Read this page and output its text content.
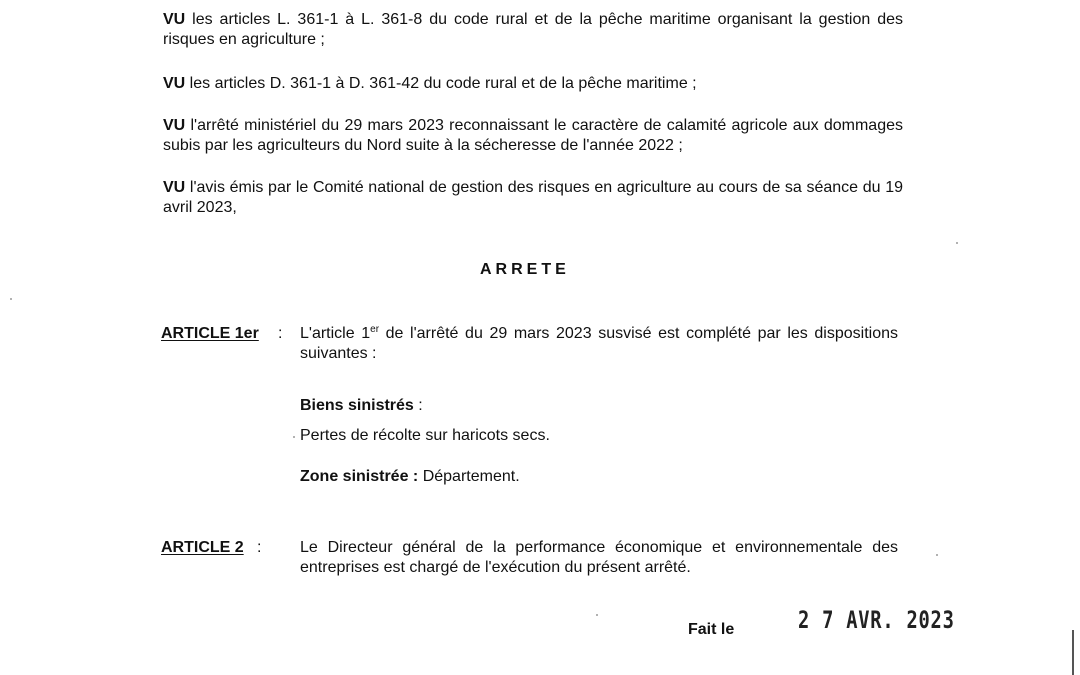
VU les articles L. 361-1 à L. 361-8 du code rural et de la pêche maritime organisant la gestion des risques en agriculture ;

VU les articles D. 361-1 à D. 361-42 du code rural et de la pêche maritime ;

VU l'arrêté ministériel du 29 mars 2023 reconnaissant le caractère de calamité agricole aux dommages subis par les agriculteurs du Nord suite à la sécheresse de l'année 2022 ;

VU l'avis émis par le Comité national de gestion des risques en agriculture au cours de sa séance du 19 avril 2023,

ARRETE
ARTICLE 1er : L'article 1er de l'arrêté du 29 mars 2023 susvisé est complété par les dispositions suivantes :

Biens sinistrés :
Pertes de récolte sur haricots secs.
Zone sinistrée : Département.
ARTICLE 2 : Le Directeur général de la performance économique et environnementale des entreprises est chargé de l'exécution du présent arrêté.

Fait le	2 7 AVR. 2023
